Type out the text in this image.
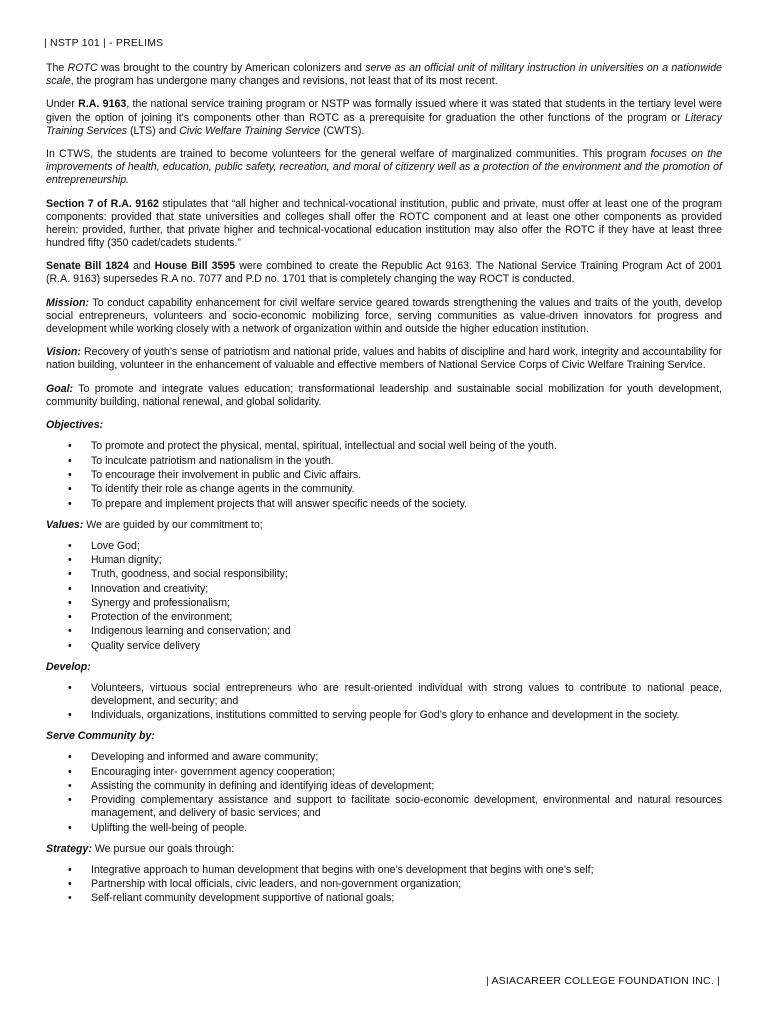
| NSTP 101 | - PRELIMS

The ROTC was brought to the country by American colonizers and serve as an official unit of military instruction in universities on a nationwide scale, the program has undergone many changes and revisions, not least that of its most recent.

Under R.A. 9163, the national service training program or NSTP was formally issued where it was stated that students in the tertiary level were given the option of joining it's components other than ROTC as a prerequisite for graduation the other functions of the program or Literacy Training Services (LTS) and Civic Welfare Training Service (CWTS).

In CTWS, the students are trained to become volunteers for the general welfare of marginalized communities. This program focuses on the improvements of health, education, public safety, recreation, and moral of citizenry well as a protection of the environment and the promotion of entrepreneurship.

Section 7 of R.A. 9162 stipulates that “all higher and technical-vocational institution, public and private, must offer at least one of the program components: provided that state universities and colleges shall offer the ROTC component and at least one other components as provided herein: provided, further, that private higher and technical-vocational education institution may also offer the ROTC if they have at least three hundred fifty (350 cadet/cadets students.”

Senate Bill 1824 and House Bill 3595 were combined to create the Republic Act 9163. The National Service Training Program Act of 2001 (R.A. 9163) supersedes R.A no. 7077 and P.D no. 1701 that is completely changing the way ROCT is conducted.

Mission: To conduct capability enhancement for civil welfare service geared towards strengthening the values and traits of the youth, develop social entrepreneurs, volunteers and socio-economic mobilizing force, serving communities as value-driven innovators for progress and development while working closely with a network of organization within and outside the higher education institution.

Vision: Recovery of youth’s sense of patriotism and national pride, values and habits of discipline and hard work, integrity and accountability for nation building, volunteer in the enhancement of valuable and effective members of National Service Corps of Civic Welfare Training Service.

Goal: To promote and integrate values education; transformational leadership and sustainable social mobilization for youth development, community building, national renewal, and global solidarity.

Objectives:

• To promote and protect the physical, mental, spiritual, intellectual and social well being of the youth.
• To inculcate patriotism and nationalism in the youth.
• To encourage their involvement in public and Civic affairs.
• To identify their role as change agents in the community.
• To prepare and implement projects that will answer specific needs of the society.

Values: We are guided by our commitment to;

• Love God;
• Human dignity;
• Truth, goodness, and social responsibility;
• Innovation and creativity;
• Synergy and professionalism;
• Protection of the environment;
• Indigenous learning and conservation; and
• Quality service delivery

Develop:

• Volunteers, virtuous social entrepreneurs who are result-oriented individual with strong values to contribute to national peace, development, and security; and
• Individuals, organizations, institutions committed to serving people for God’s glory to enhance and development in the society.

Serve Community by:

• Developing and informed and aware community;
• Encouraging inter- government agency cooperation;
• Assisting the community in defining and identifying ideas of development;
• Providing complementary assistance and support to facilitate socio-economic development, environmental and natural resources management, and delivery of basic services; and
• Uplifting the well-being of people.

Strategy: We pursue our goals through:

• Integrative approach to human development that begins with one’s development that begins with one’s self;
• Partnership with local officials, civic leaders, and non-government organization;
• Self-reliant community development supportive of national goals;
| ASIACAREER COLLEGE FOUNDATION INC. |
